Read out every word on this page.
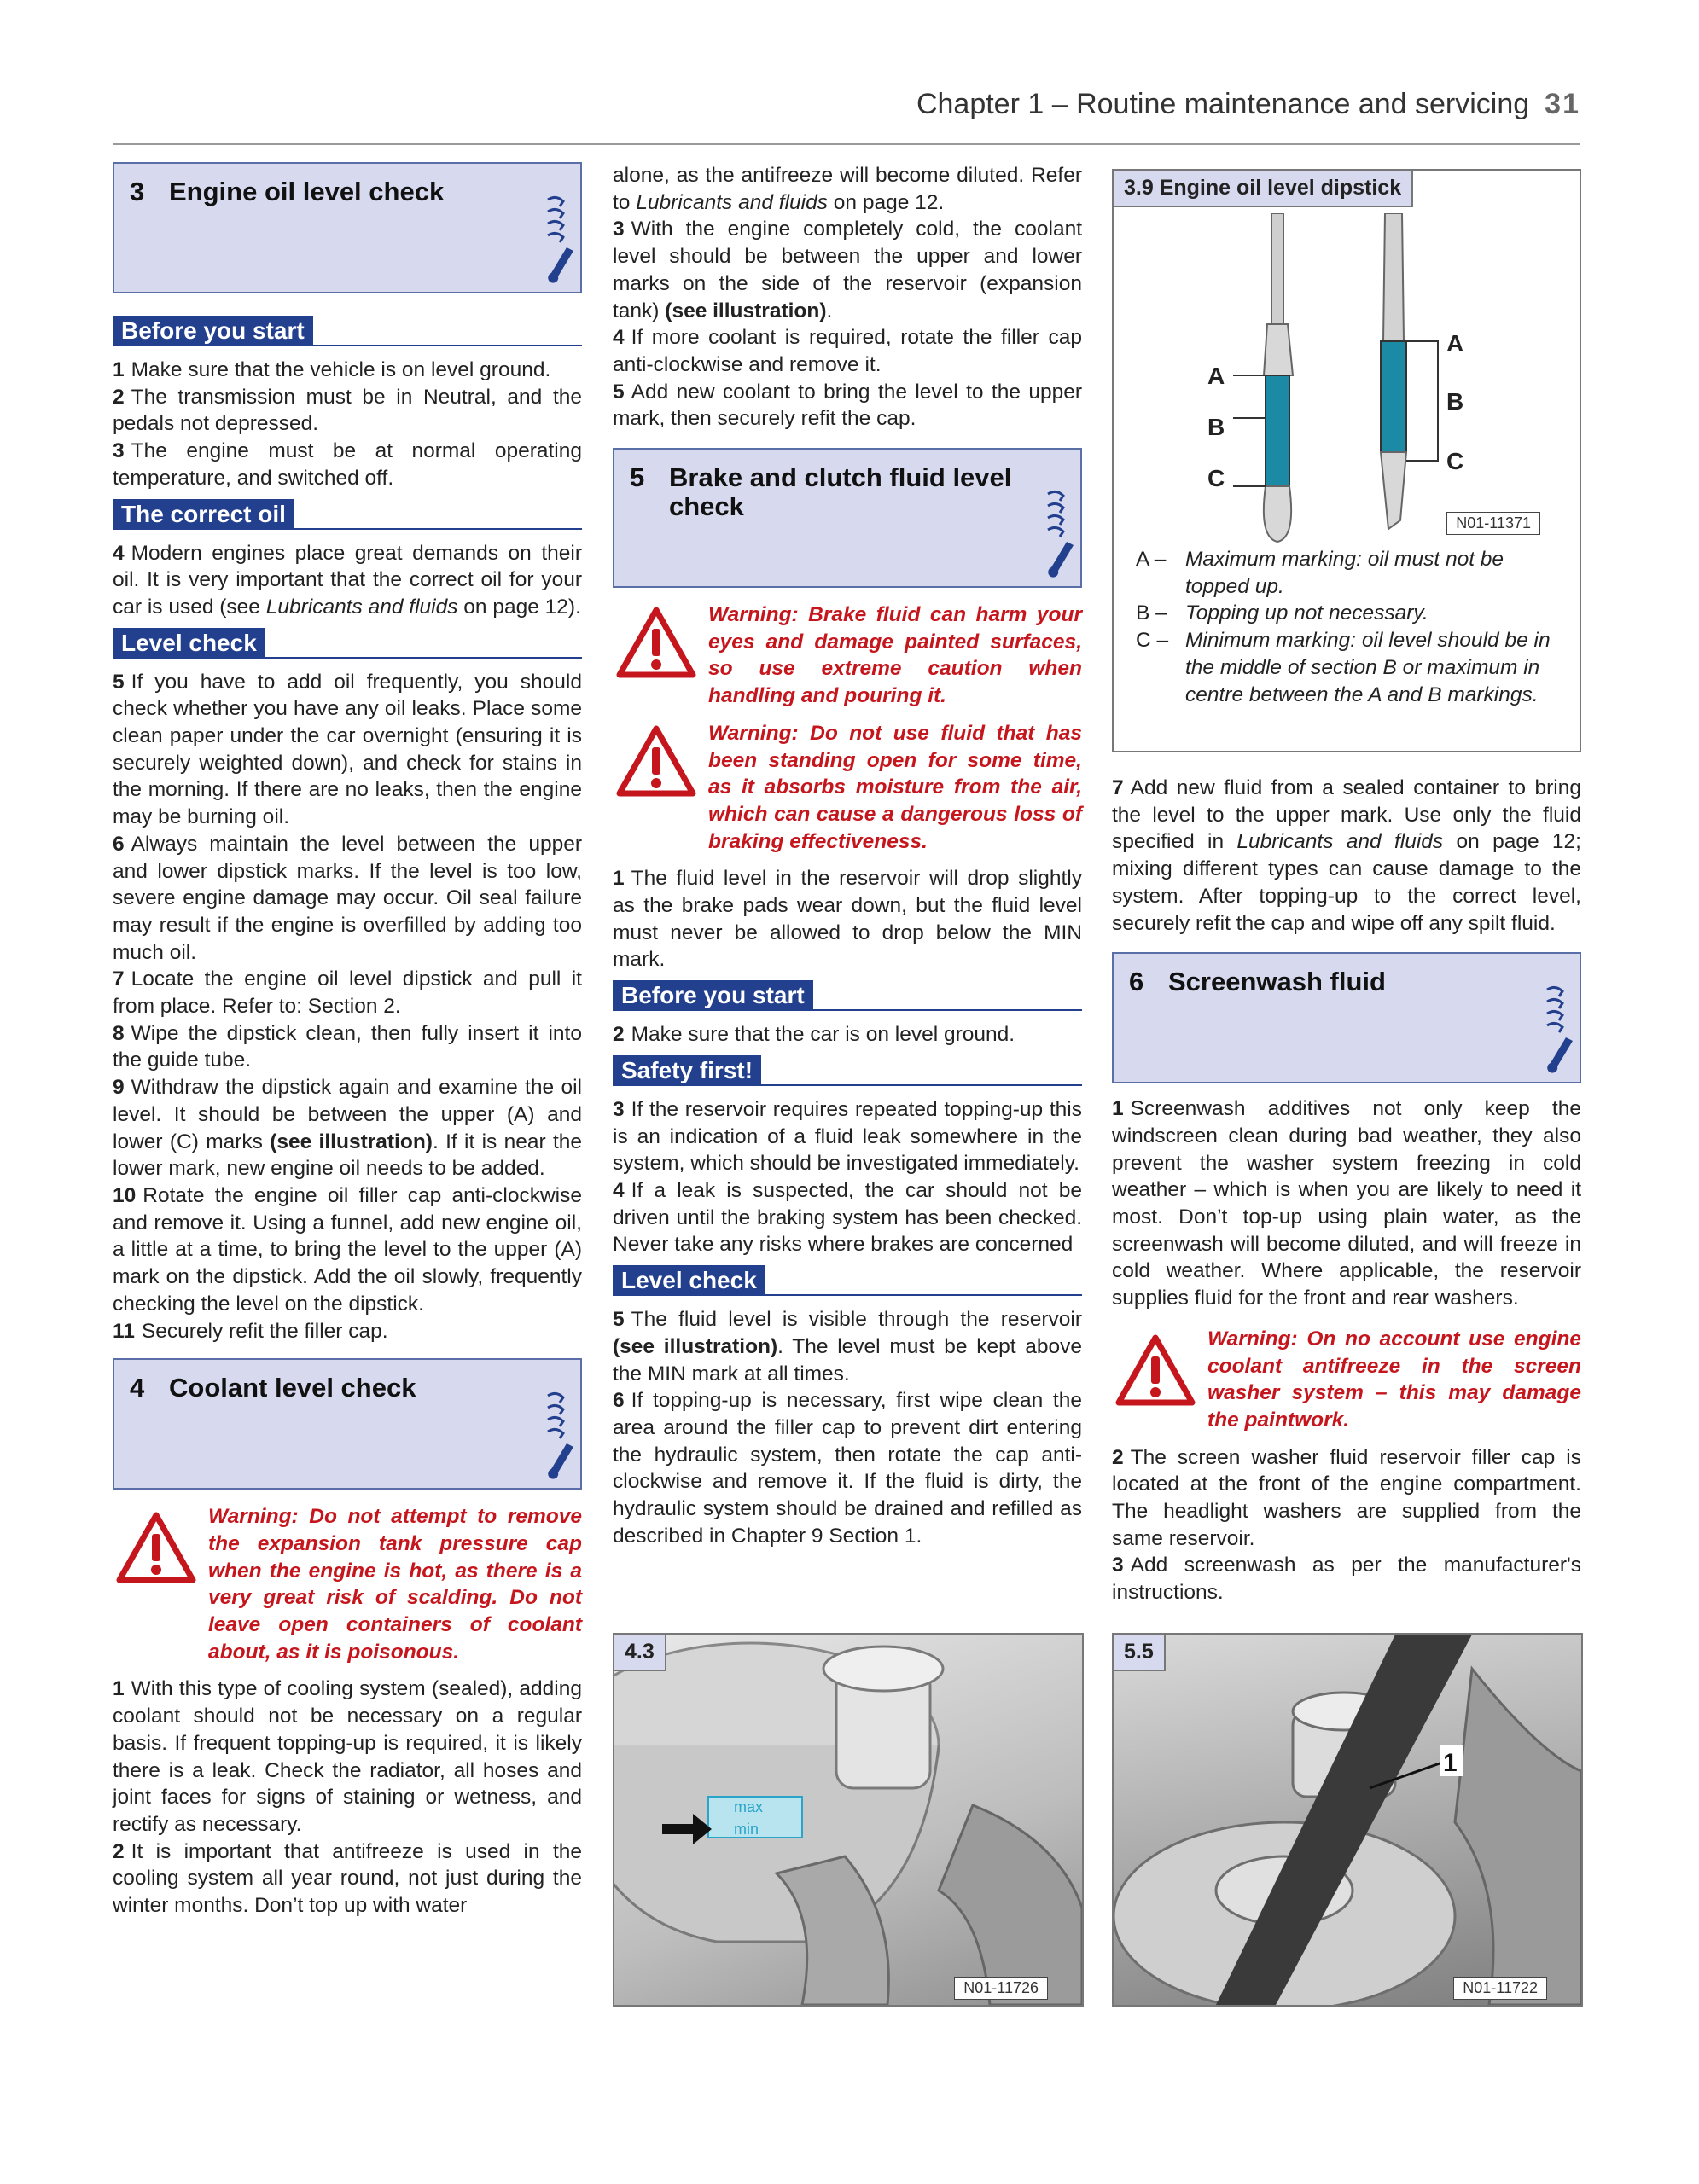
Chapter 1 – Routine maintenance and servicing 31
3 Engine oil level check
Before you start

1 Make sure that the vehicle is on level ground.

2 The transmission must be in Neutral, and the pedals not depressed.

3 The engine must be at normal operating temperature, and switched off.

The correct oil

4 Modern engines place great demands on their oil. It is very important that the correct oil for your car is used (see Lubricants and fluids on page 12).

Level check

5 If you have to add oil frequently, you should check whether you have any oil leaks. Place some clean paper under the car overnight (ensuring it is securely weighted down), and check for stains in the morning. If there are no leaks, then the engine may be burning oil.

6 Always maintain the level between the upper and lower dipstick marks. If the level is too low, severe engine damage may occur. Oil seal failure may result if the engine is overfilled by adding too much oil.

7 Locate the engine oil level dipstick and pull it from place. Refer to: Section 2.

8 Wipe the dipstick clean, then fully insert it into the guide tube.

9 Withdraw the dipstick again and examine the oil level. It should be between the upper (A) and lower (C) marks (see illustration). If it is near the lower mark, new engine oil needs to be added.

10 Rotate the engine oil filler cap anti-clockwise and remove it. Using a funnel, add new engine oil, a little at a time, to bring the level to the upper (A) mark on the dipstick. Add the oil slowly, frequently checking the level on the dipstick.

11 Securely refit the filler cap.

4 Coolant level check
Warning: Do not attempt to remove the expansion tank pressure cap when the engine is hot, as there is a very great risk of scalding. Do not leave open containers of coolant about, as it is poisonous.

1 With this type of cooling system (sealed), adding coolant should not be necessary on a regular basis. If frequent topping-up is required, it is likely there is a leak. Check the radiator, all hoses and joint faces for signs of staining or wetness, and rectify as necessary.

2 It is important that antifreeze is used in the cooling system all year round, not just during the winter months. Don’t top up with water

alone, as the antifreeze will become diluted. Refer to Lubricants and fluids on page 12.

3 With the engine completely cold, the coolant level should be between the upper and lower marks on the side of the reservoir (expansion tank) (see illustration).

4 If more coolant is required, rotate the filler cap anti-clockwise and remove it.

5 Add new coolant to bring the level to the upper mark, then securely refit the cap.

5 Brake and clutch fluid level
check
Warning: Brake fluid can harm your eyes and damage painted surfaces, so use extreme caution when handling and pouring it.
Warning: Do not use fluid that has been standing open for some time, as it absorbs moisture from the air, which can cause a dangerous loss of braking effectiveness.

1 The fluid level in the reservoir will drop slightly as the brake pads wear down, but the fluid level must never be allowed to drop below the MIN mark.

Before you start

2 Make sure that the car is on level ground.

Safety first!

3 If the reservoir requires repeated topping-up this is an indication of a fluid leak somewhere in the system, which should be investigated immediately.

4 If a leak is suspected, the car should not be driven until the braking system has been checked. Never take any risks where brakes are concerned

Level check

5 The fluid level is visible through the reservoir (see illustration). The level must be kept above the MIN mark at all times.

6 If topping-up is necessary, first wipe clean the area around the filler cap to prevent dirt entering the hydraulic system, then rotate the cap anti-clockwise and remove it. If the fluid is dirty, the hydraulic system should be drained and refilled as described in Chapter 9 Section 1.

max
min
4.3
N01-11726
3.9 Engine oil level dipstick
A
B
C
A
B
C
N01-11371
A – Maximum marking: oil must not be topped up.
B – Topping up not necessary.
C – Minimum marking: oil level should be in the middle of section B or maximum in centre between the A and B markings.

7 Add new fluid from a sealed container to bring the level to the upper mark. Use only the fluid specified in Lubricants and fluids on page 12; mixing different types can cause damage to the system. After topping-up to the correct level, securely refit the cap and wipe off any spilt fluid.

6 Screenwash fluid

1 Screenwash additives not only keep the windscreen clean during bad weather, they also prevent the washer system freezing in cold weather – which is when you are likely to need it most. Don’t top-up using plain water, as the screenwash will become diluted, and will freeze in cold weather. Where applicable, the reservoir supplies fluid for the front and rear washers.

Warning: On no account use engine coolant antifreeze in the screen washer system – this may damage the paintwork.

2 The screen washer fluid reservoir filler cap is located at the front of the engine compartment. The headlight washers are supplied from the same reservoir.

3 Add screenwash as per the manufacturer's instructions.

1
5.5
N01-11722
